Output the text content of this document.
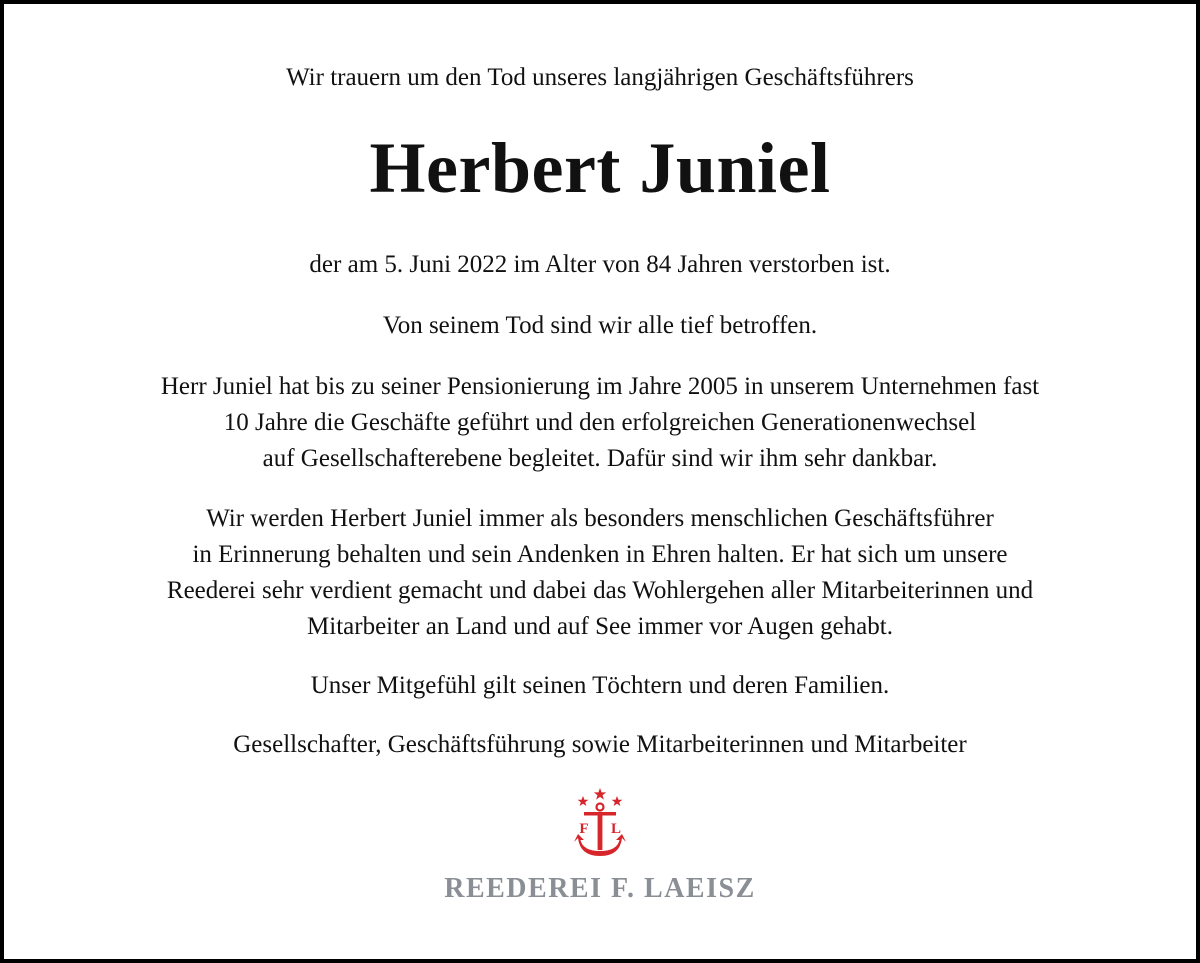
Wir trauern um den Tod unseres langjährigen Geschäftsführers
Herbert Juniel
der am 5. Juni 2022 im Alter von 84 Jahren verstorben ist.
Von seinem Tod sind wir alle tief betroffen.
Herr Juniel hat bis zu seiner Pensionierung im Jahre 2005 in unserem Unternehmen fast
10 Jahre die Geschäfte geführt und den erfolgreichen Generationenwechsel
auf Gesellschafterebene begleitet. Dafür sind wir ihm sehr dankbar.
Wir werden Herbert Juniel immer als besonders menschlichen Geschäftsführer
in Erinnerung behalten und sein Andenken in Ehren halten. Er hat sich um unsere
Reederei sehr verdient gemacht und dabei das Wohlergehen aller Mitarbeiterinnen und
Mitarbeiter an Land und auf See immer vor Augen gehabt.
Unser Mitgefühl gilt seinen Töchtern und deren Familien.
Gesellschafter, Geschäftsführung sowie Mitarbeiterinnen und Mitarbeiter
F L
REEDEREI F. LAEISZ
